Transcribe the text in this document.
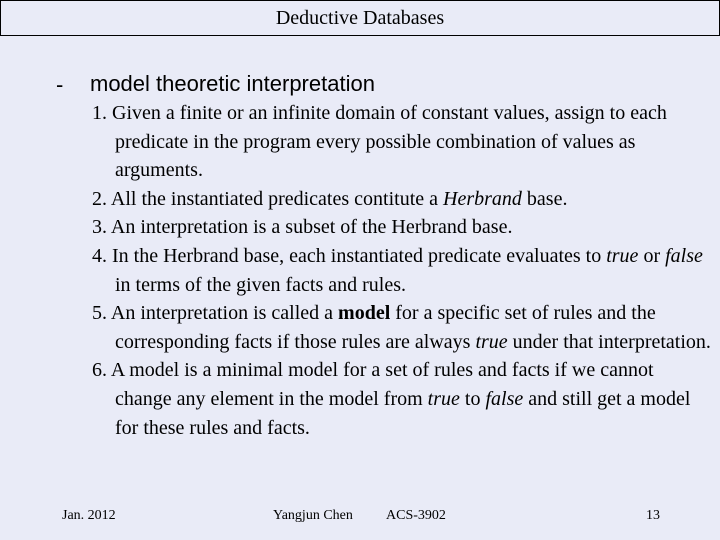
Deductive Databases
- model theoretic interpretation
1. Given a finite or an infinite domain of constant values, assign to each predicate in the program every possible combination of values as arguments.
2. All the instantiated predicates contitute a Herbrand base.
3. An interpretation is a subset of the Herbrand base.
4. In the Herbrand base, each instantiated predicate evaluates to true or false in terms of the given facts and rules.
5. An interpretation is called a model for a specific set of rules and the corresponding facts if those rules are always true under that interpretation.
6. A model is a minimal model for a set of rules and facts if we cannot change any element in the model from true to false and still get a model for these rules and facts.
Jan. 2012	Yangjun Chen ACS-3902	13
